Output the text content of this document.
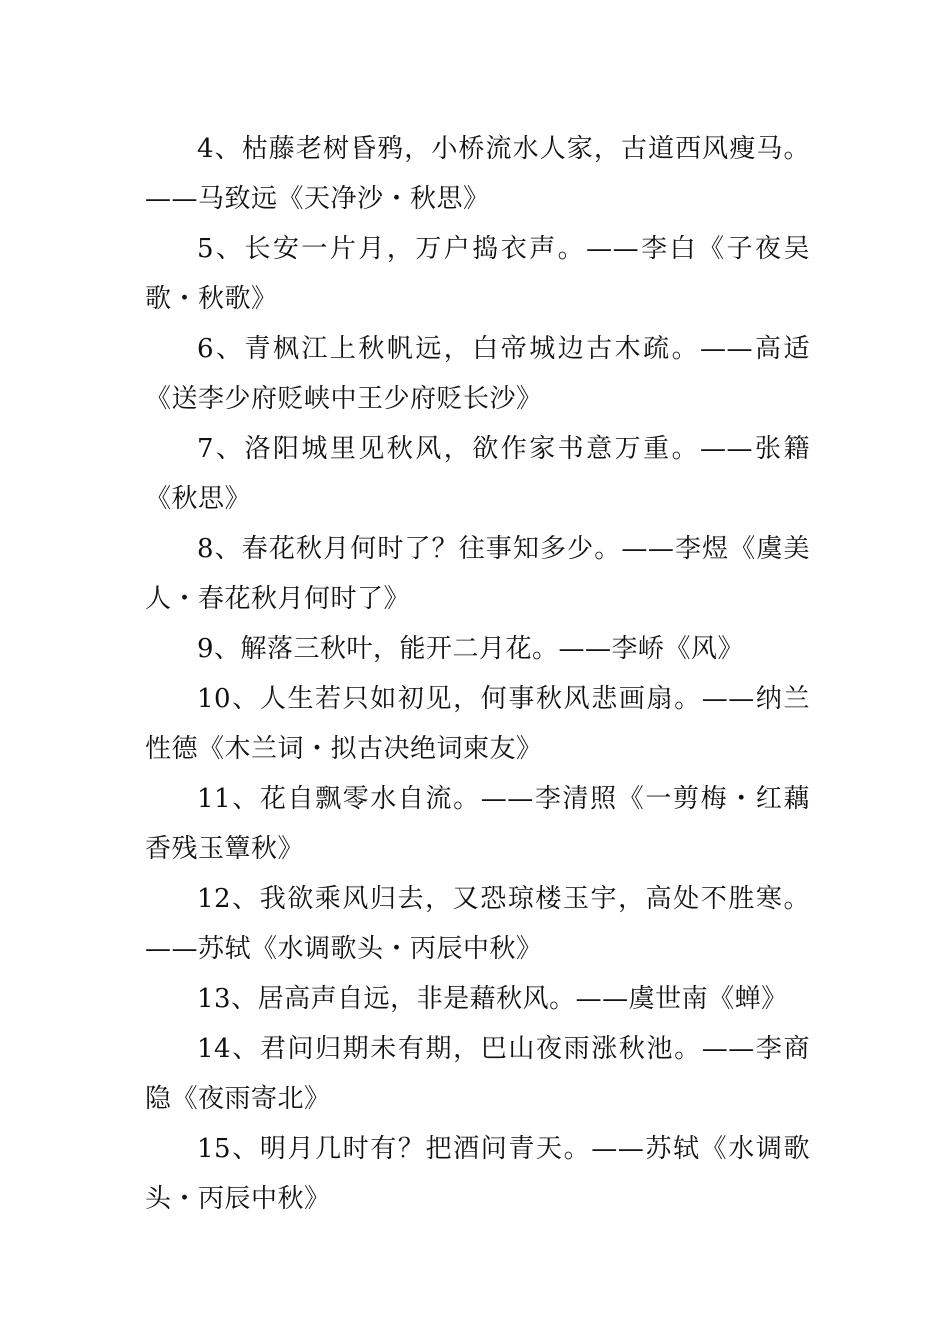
4、枯藤老树昏鸦，小桥流水人家，古道西风瘦马。——马致远《天净沙・秋思》

5、长安一片月，万户捣衣声。——李白《子夜吴歌・秋歌》

6、青枫江上秋帆远，白帝城边古木疏。——高适《送李少府贬峡中王少府贬长沙》

7、洛阳城里见秋风，欲作家书意万重。——张籍《秋思》

8、春花秋月何时了？往事知多少。——李煜《虞美人・春花秋月何时了》

9、解落三秋叶，能开二月花。——李峤《风》

10、人生若只如初见，何事秋风悲画扇。——纳兰性德《木兰词・拟古决绝词柬友》

11、花自飘零水自流。——李清照《一剪梅・红藕香残玉簟秋》

12、我欲乘风归去，又恐琼楼玉宇，高处不胜寒。——苏轼《水调歌头・丙辰中秋》

13、居高声自远，非是藉秋风。——虞世南《蝉》

14、君问归期未有期，巴山夜雨涨秋池。——李商隐《夜雨寄北》

15、明月几时有？把酒问青天。——苏轼《水调歌头・丙辰中秋》
